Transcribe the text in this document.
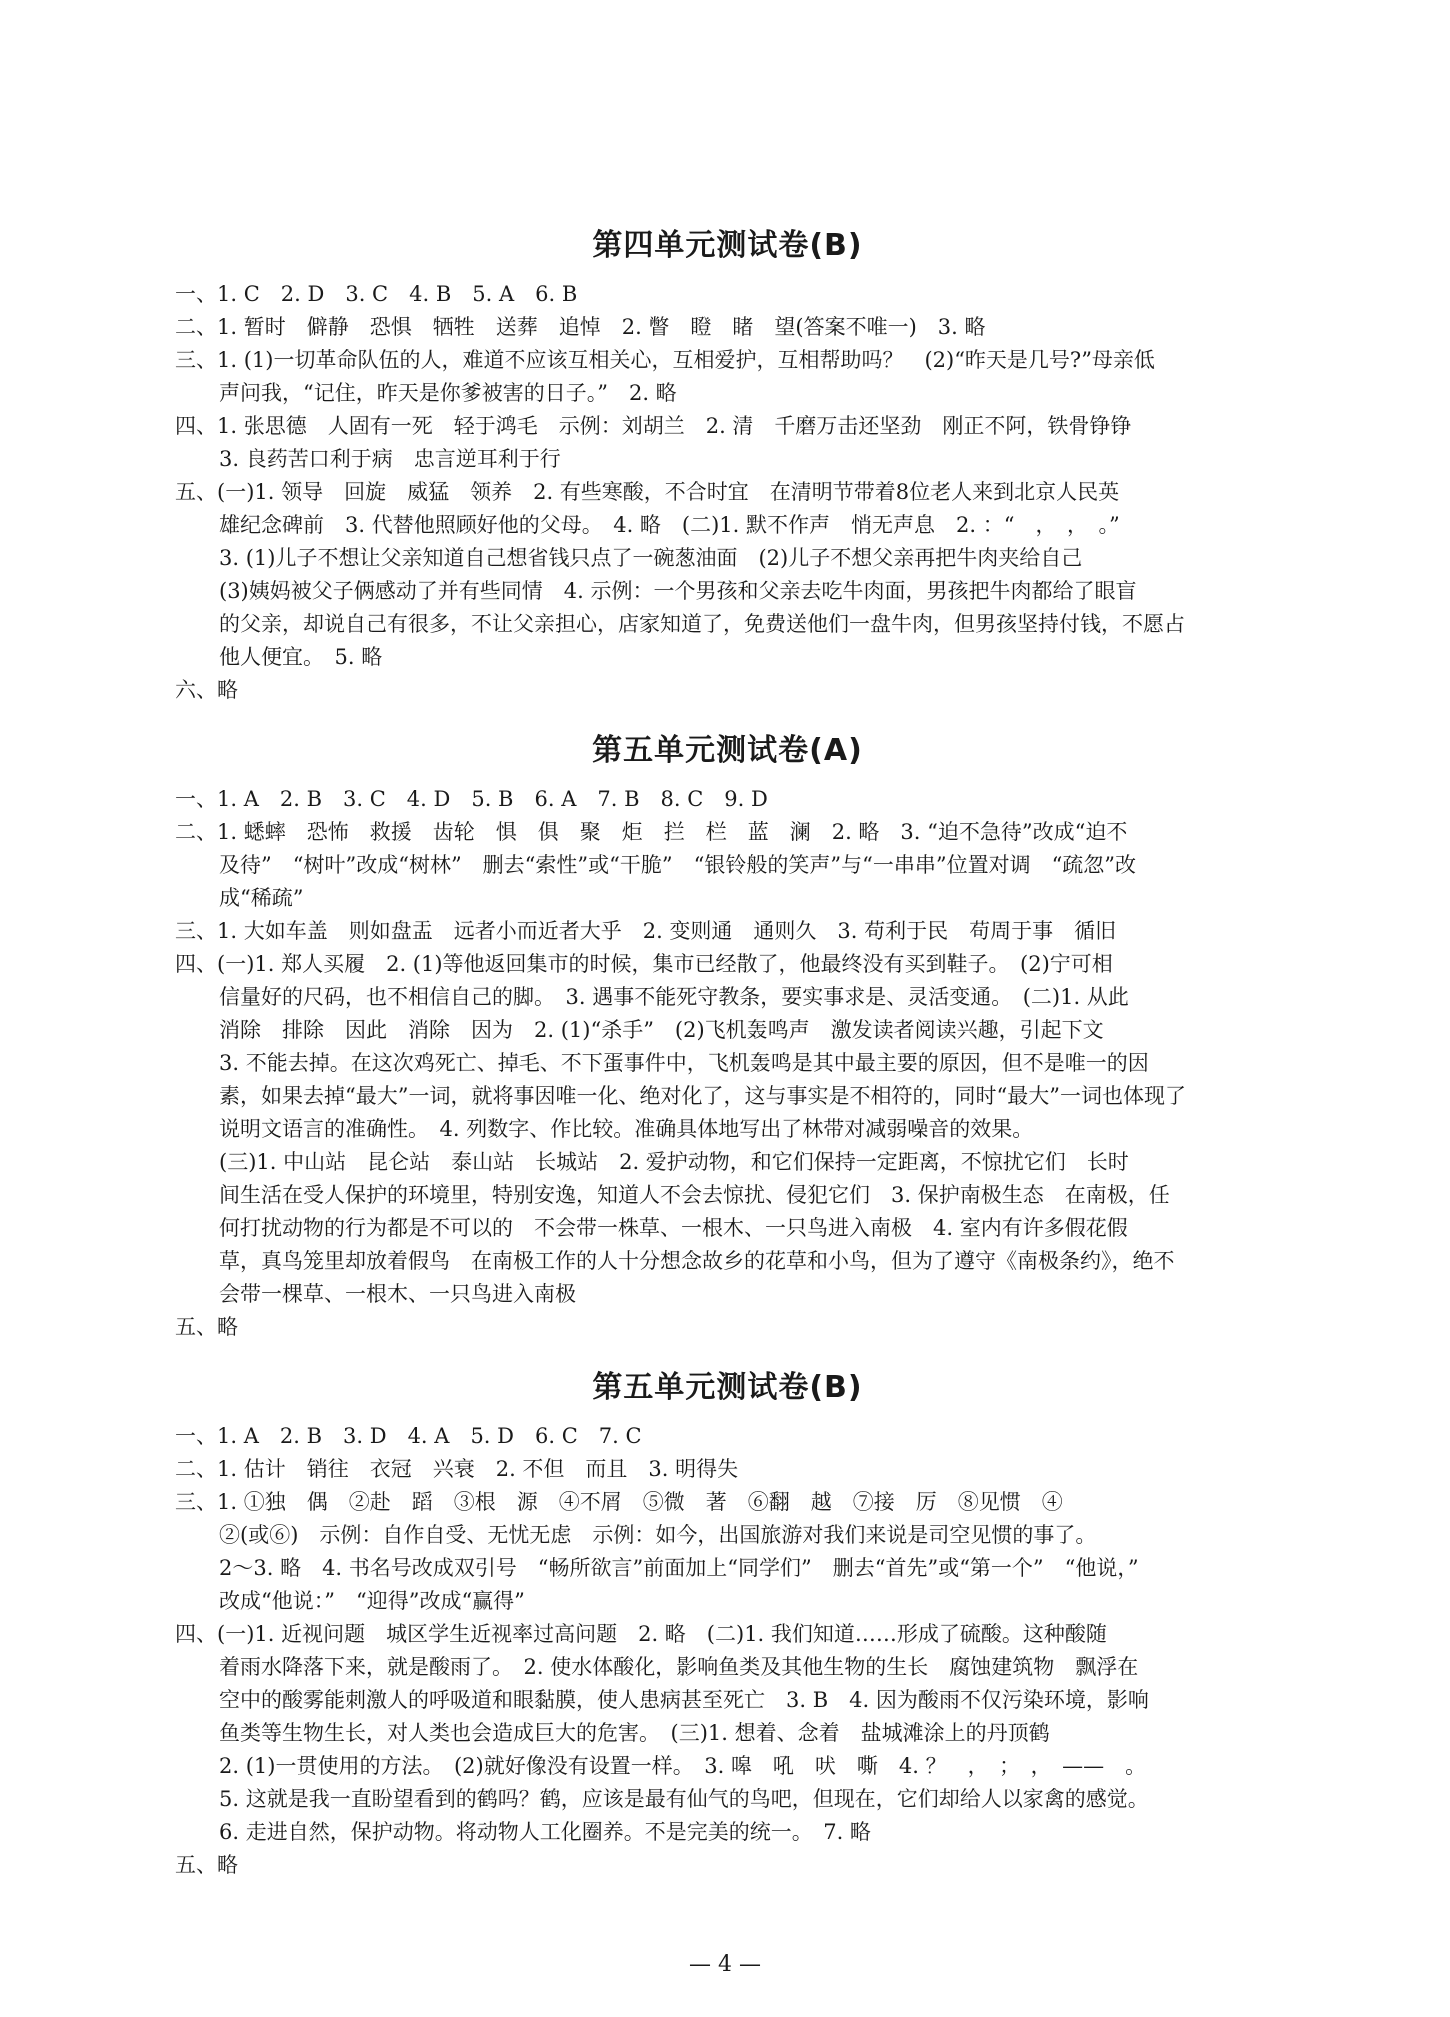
第四单元测试卷(B)
一、1. C　2. D　3. C　4. B　5. A　6. B
二、1. 暂时　僻静　恐惧　牺牲　送葬　追悼　2. 瞥　瞪　睹　望(答案不唯一)　3. 略
三、1. (1)一切革命队伍的人，难道不应该互相关心，互相爱护，互相帮助吗？　(2)“昨天是几号?”母亲低
声问我，“记住，昨天是你爹被害的日子。”　2. 略
四、1. 张思德　人固有一死　轻于鸿毛　示例：刘胡兰　2. 清　千磨万击还坚劲　刚正不阿，铁骨铮铮
3. 良药苦口利于病　忠言逆耳利于行
五、(一)1. 领导　回旋　威猛　领养　2. 有些寒酸，不合时宜　在清明节带着8位老人来到北京人民英
雄纪念碑前　3. 代替他照顾好他的父母。　4. 略　(二)1. 默不作声　悄无声息　2. ：“　，　，　。”
3. (1)儿子不想让父亲知道自己想省钱只点了一碗葱油面　(2)儿子不想父亲再把牛肉夹给自己
(3)姨妈被父子俩感动了并有些同情　4. 示例：一个男孩和父亲去吃牛肉面，男孩把牛肉都给了眼盲
的父亲，却说自己有很多，不让父亲担心，店家知道了，免费送他们一盘牛肉，但男孩坚持付钱，不愿占
他人便宜。　5. 略
六、略
第五单元测试卷(A)
一、1. A　2. B　3. C　4. D　5. B　6. A　7. B　8. C　9. D
二、1. 蟋蟀　恐怖　救援　齿轮　惧　俱　聚　炬　拦　栏　蓝　澜　2. 略　3. “迫不急待”改成“迫不
及待”　“树叶”改成“树林”　删去“索性”或“干脆”　“银铃般的笑声”与“一串串”位置对调　“疏忽”改
成“稀疏”
三、1. 大如车盖　则如盘盂　远者小而近者大乎　2. 变则通　通则久　3. 苟利于民　苟周于事　循旧
四、(一)1. 郑人买履　2. (1)等他返回集市的时候，集市已经散了，他最终没有买到鞋子。　(2)宁可相
信量好的尺码，也不相信自己的脚。　3. 遇事不能死守教条，要实事求是、灵活变通。　(二)1. 从此
消除　排除　因此　消除　因为　2. (1)“杀手”　(2)飞机轰鸣声　激发读者阅读兴趣，引起下文
3. 不能去掉。在这次鸡死亡、掉毛、不下蛋事件中，飞机轰鸣是其中最主要的原因，但不是唯一的因
素，如果去掉“最大”一词，就将事因唯一化、绝对化了，这与事实是不相符的，同时“最大”一词也体现了
说明文语言的准确性。　4. 列数字、作比较。准确具体地写出了林带对减弱噪音的效果。
(三)1. 中山站　昆仑站　泰山站　长城站　2. 爱护动物，和它们保持一定距离，不惊扰它们　长时
间生活在受人保护的环境里，特别安逸，知道人不会去惊扰、侵犯它们　3. 保护南极生态　在南极，任
何打扰动物的行为都是不可以的　不会带一株草、一根木、一只鸟进入南极　4. 室内有许多假花假
草，真鸟笼里却放着假鸟　在南极工作的人十分想念故乡的花草和小鸟，但为了遵守《南极条约》，绝不
会带一棵草、一根木、一只鸟进入南极
五、略
第五单元测试卷(B)
一、1. A　2. B　3. D　4. A　5. D　6. C　7. C
二、1. 估计　销往　衣冠　兴衰　2. 不但　而且　3. 明得失
三、1. ①独　偶　②赴　蹈　③根　源　④不屑　⑤微　著　⑥翻　越　⑦接　厉　⑧见惯　④
②(或⑥)　示例：自作自受、无忧无虑　示例：如今，出国旅游对我们来说是司空见惯的事了。
2～3. 略　4. 书名号改成双引号　“畅所欲言”前面加上“同学们”　删去“首先”或“第一个”　“他说，”
改成“他说：”　“迎得”改成“赢得”
四、(一)1. 近视问题　城区学生近视率过高问题　2. 略　(二)1. 我们知道……形成了硫酸。这种酸随
着雨水降落下来，就是酸雨了。　2. 使水体酸化，影响鱼类及其他生物的生长　腐蚀建筑物　飘浮在
空中的酸雾能刺激人的呼吸道和眼黏膜，使人患病甚至死亡　3. B　4. 因为酸雨不仅污染环境，影响
鱼类等生物生长，对人类也会造成巨大的危害。　(三)1. 想着、念着　盐城滩涂上的丹顶鹤
2. (1)一贯使用的方法。　(2)就好像没有设置一样。　3. 嗥　吼　吠　嘶　4. ？　，　；　，　——　。
5. 这就是我一直盼望看到的鹤吗？鹤，应该是最有仙气的鸟吧，但现在，它们却给人以家禽的感觉。
6. 走进自然，保护动物。将动物人工化圈养。不是完美的统一。　7. 略
五、略
— 4 —
